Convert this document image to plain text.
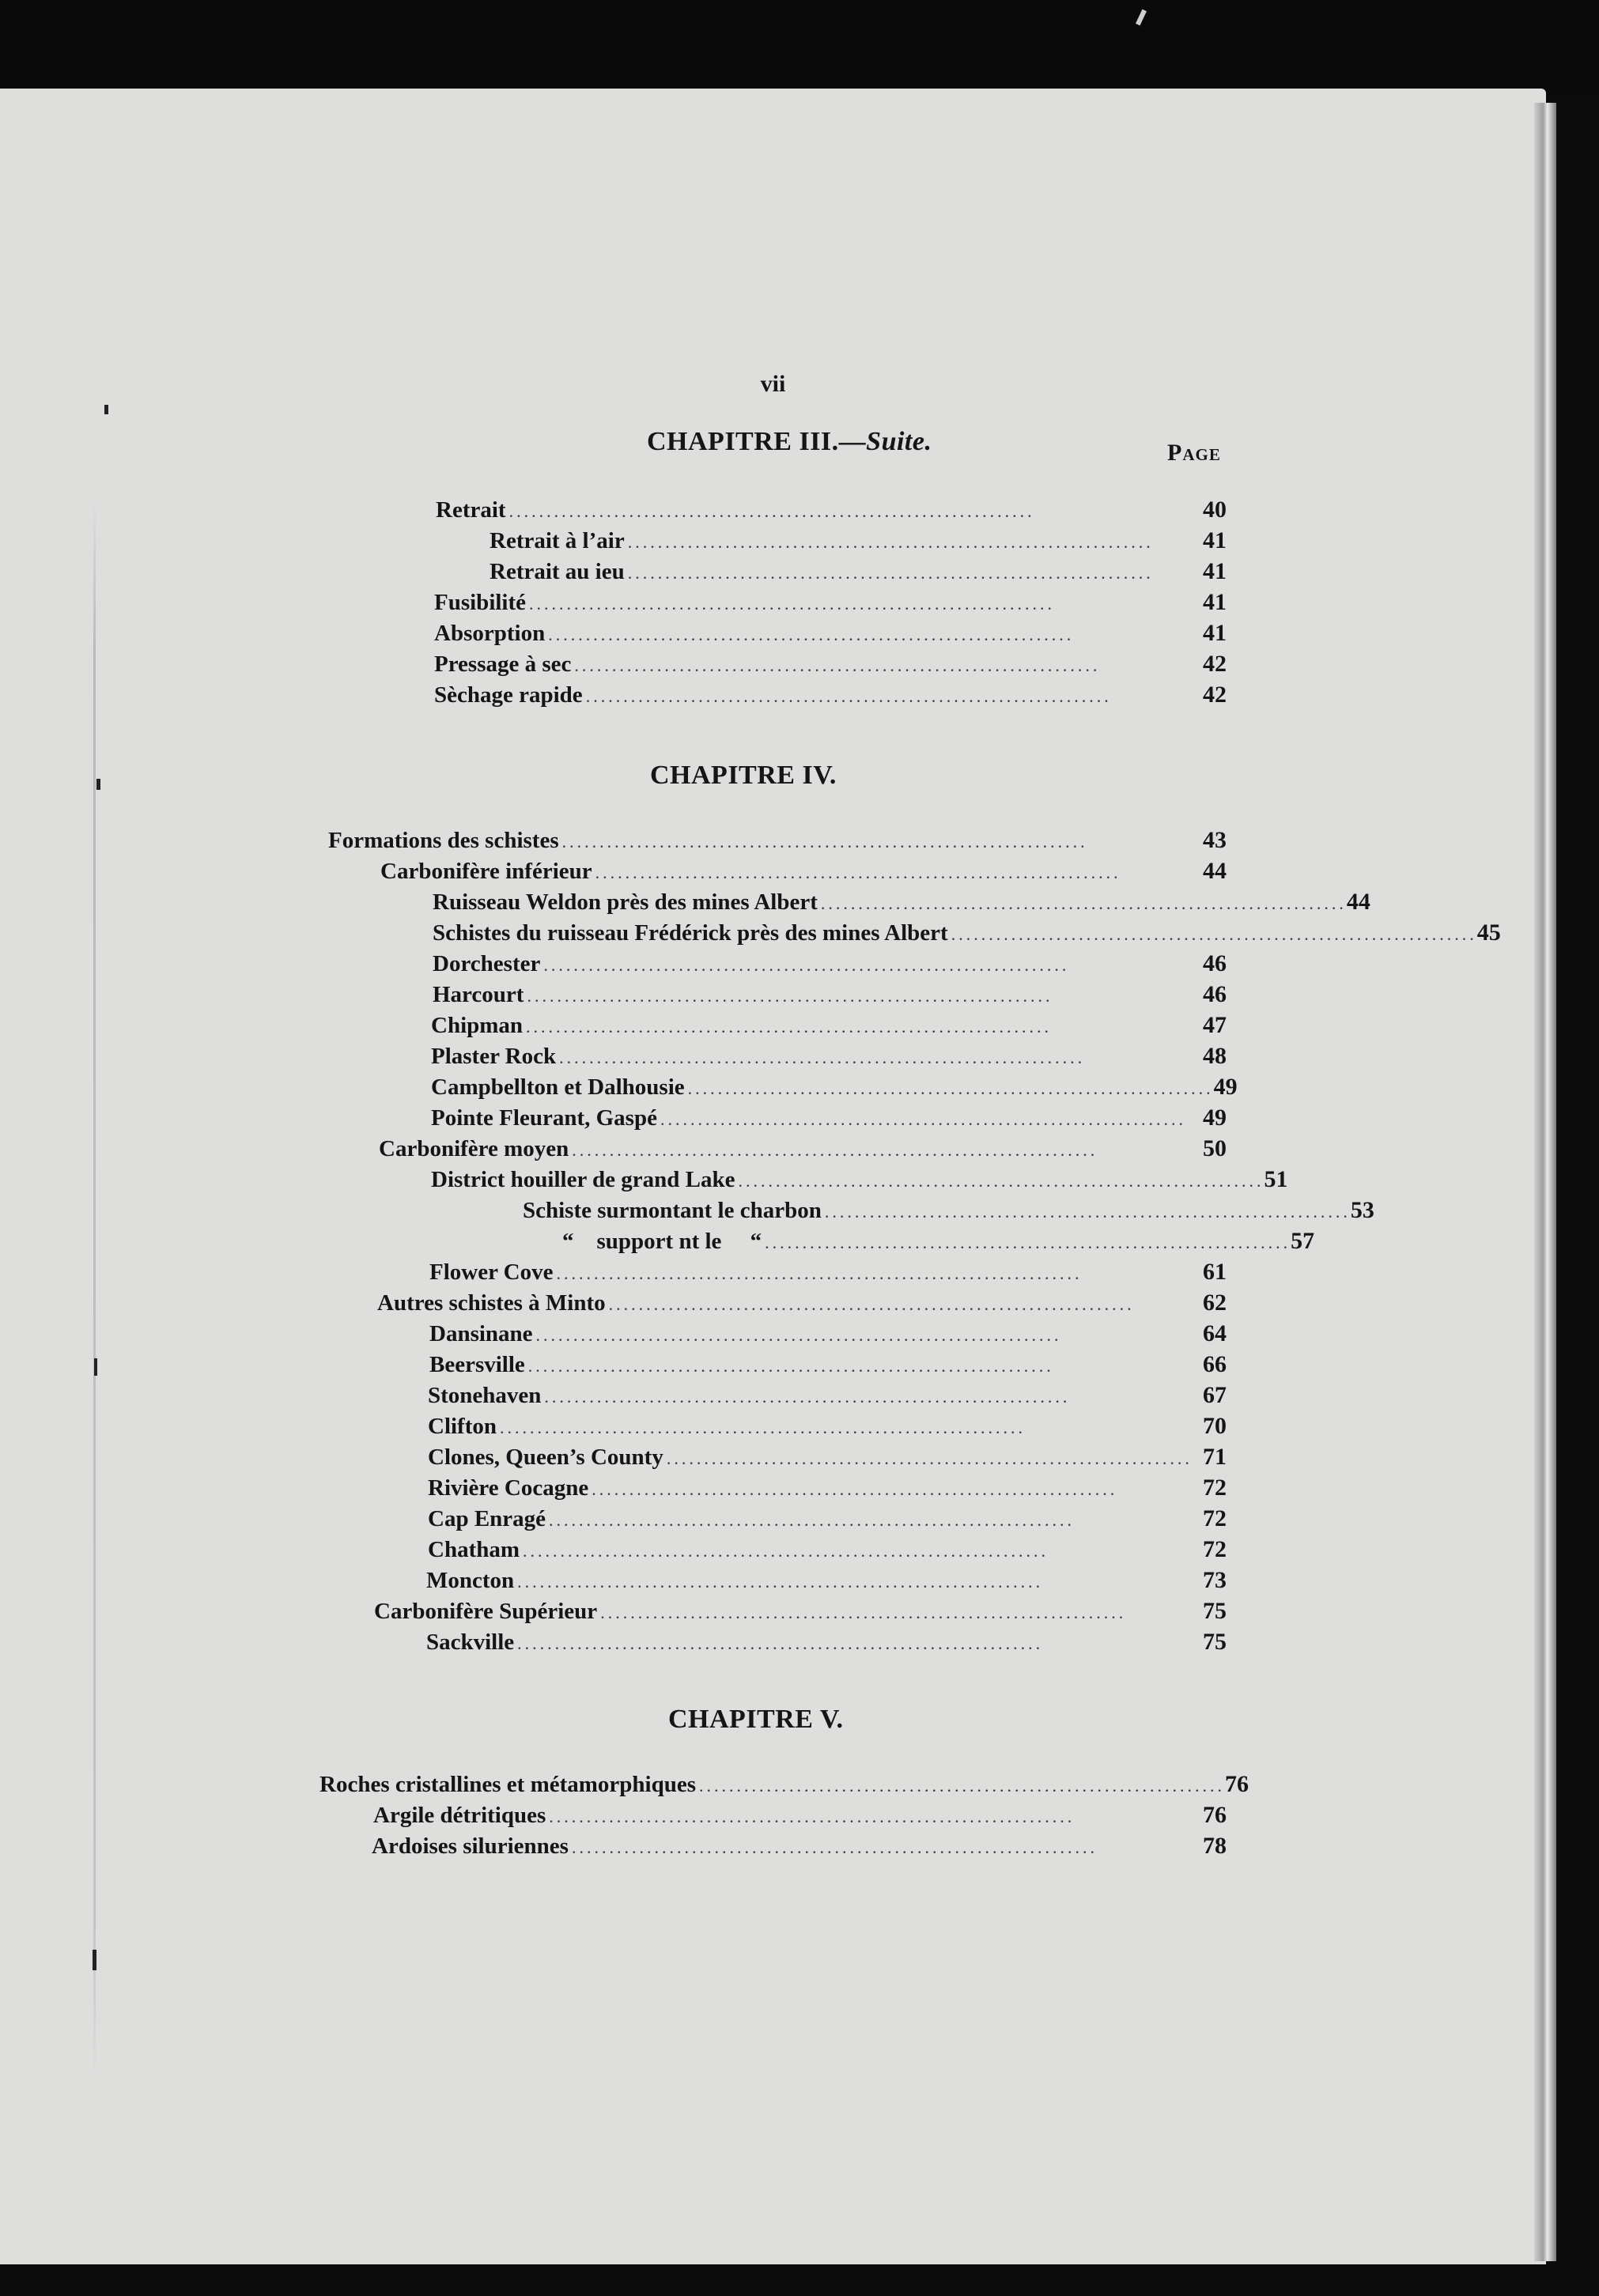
vii
CHAPITRE III.—Suite.	Page
Retrait ......................................................................	40
Retrait à l’air ......................................................................	41
Retrait au ieu ......................................................................	41
Fusibilité ......................................................................	41
Absorption ......................................................................	41
Pressage à sec ......................................................................	42
Sèchage rapide ......................................................................	42
CHAPITRE IV.
Formations des schistes ......................................................................	43
Carbonifère inférieur ......................................................................	44
Ruisseau Weldon près des mines Albert ...................................................................... 44
Schistes du ruisseau Frédérick près des mines Albert ...................................................................... 45
Dorchester ......................................................................	46
Harcourt ......................................................................	46
Chipman ......................................................................	47
Plaster Rock ......................................................................	48
Campbellton et Dalhousie ...................................................................... 49
Pointe Fleurant, Gaspé ...................................................................... 49
Carbonifère moyen ......................................................................	50
District houiller de grand Lake ...................................................................... 51
Schiste surmontant le charbon ...................................................................... 53
“    support nt le     “ ...................................................................... 57
Flower Cove ......................................................................	61
Autres schistes à Minto ......................................................................	62
Dansinane ......................................................................	64
Beersville ......................................................................	66
Stonehaven ......................................................................	67
Clifton ......................................................................	70
Clones, Queen’s County ...................................................................... 71
Rivière Cocagne ......................................................................	72
Cap Enragé ......................................................................	72
Chatham ......................................................................	72
Moncton ......................................................................	73
Carbonifère Supérieur ......................................................................	75
Sackville ......................................................................	75
CHAPITRE V.
Roches cristallines et métamorphiques ...................................................................... 76
Argile détritiques ......................................................................	76
Ardoises siluriennes ......................................................................	78
